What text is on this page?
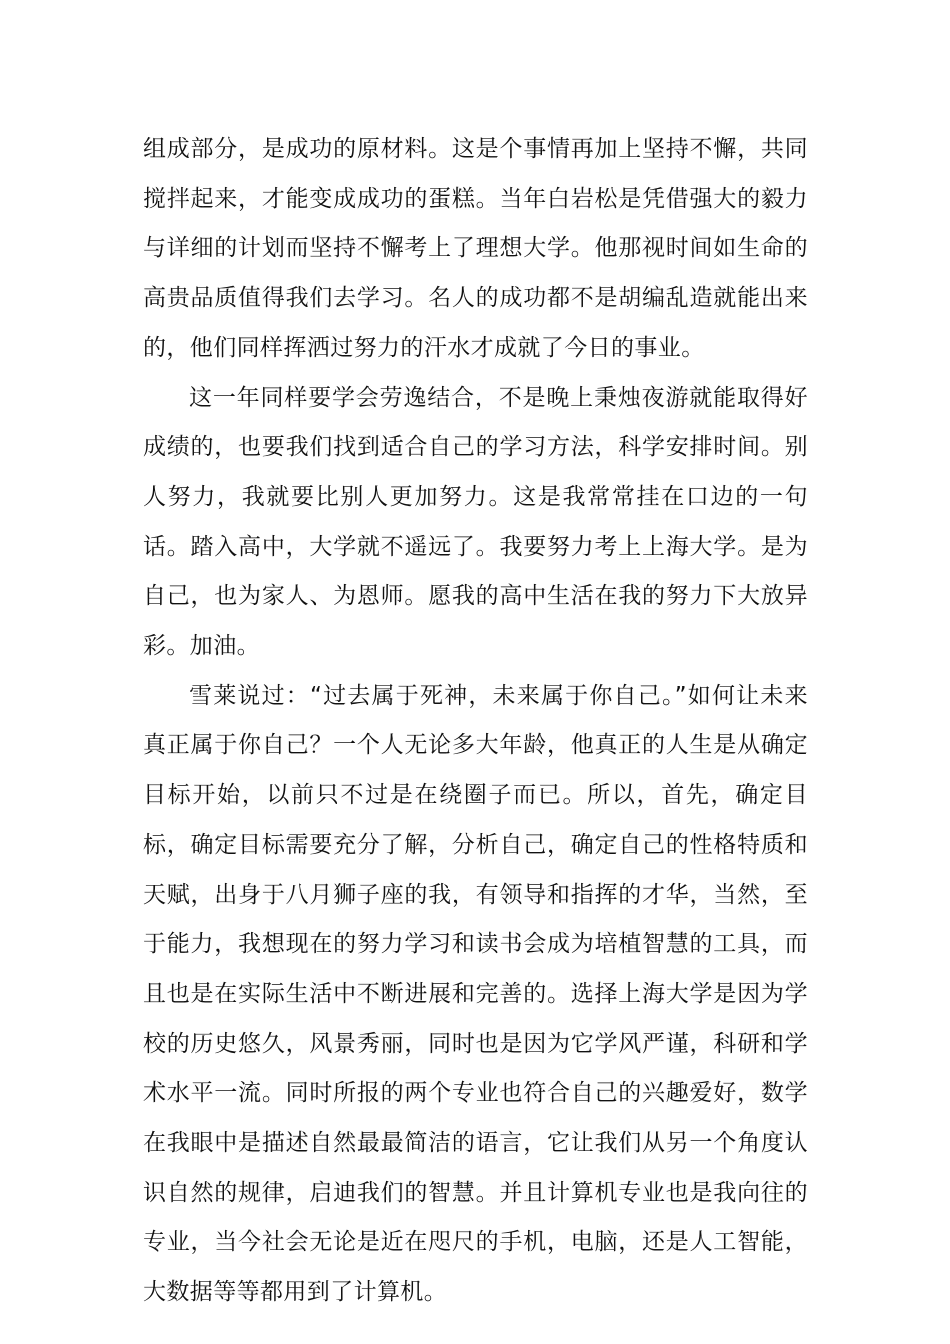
组成部分，是成功的原材料。这是个事情再加上坚持不懈，共同搅拌起来，才能变成成功的蛋糕。当年白岩松是凭借强大的毅力与详细的计划而坚持不懈考上了理想大学。他那视时间如生命的高贵品质值得我们去学习。名人的成功都不是胡编乱造就能出来的，他们同样挥洒过努力的汗水才成就了今日的事业。

这一年同样要学会劳逸结合，不是晚上秉烛夜游就能取得好成绩的，也要我们找到适合自己的学习方法，科学安排时间。别人努力，我就要比别人更加努力。这是我常常挂在口边的一句话。踏入高中，大学就不遥远了。我要努力考上上海大学。是为自己，也为家人、为恩师。愿我的高中生活在我的努力下大放异彩。加油。

雪莱说过：“过去属于死神，未来属于你自己。”如何让未来真正属于你自己？一个人无论多大年龄，他真正的人生是从确定目标开始，以前只不过是在绕圈子而已。所以，首先，确定目标，确定目标需要充分了解，分析自己，确定自己的性格特质和天赋，出身于八月狮子座的我，有领导和指挥的才华，当然，至于能力，我想现在的努力学习和读书会成为培植智慧的工具，而且也是在实际生活中不断进展和完善的。选择上海大学是因为学校的历史悠久，风景秀丽，同时也是因为它学风严谨，科研和学术水平一流。同时所报的两个专业也符合自己的兴趣爱好，数学在我眼中是描述自然最最简洁的语言，它让我们从另一个角度认识自然的规律，启迪我们的智慧。并且计算机专业也是我向往的专业，当今社会无论是近在咫尺的手机，电脑，还是人工智能，大数据等等都用到了计算机。
